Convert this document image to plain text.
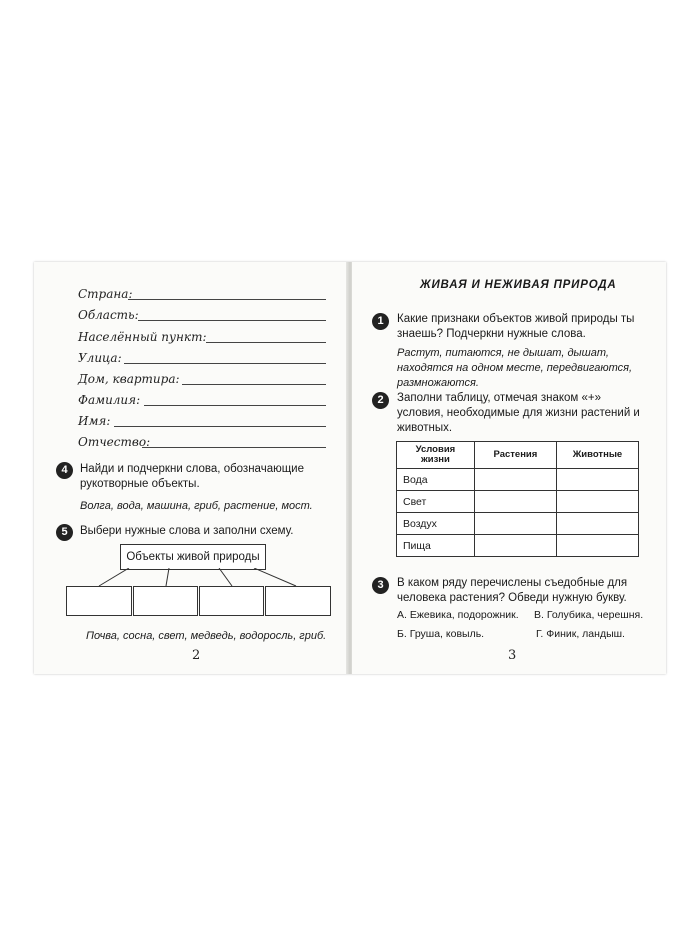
Страна:
Область:
Населённый пункт:
Улица:
Дом, квартира:
Фамилия:
Имя:
Отчество:
4	Найди и подчеркни слова, обозначающие рукотворные объекты.
Волга, вода, машина, гриб, растение, мост.
5	Выбери нужные слова и заполни схему.
Объекты живой природы
Почва, сосна, свет, медведь, водоросль, гриб.
2
ЖИВАЯ И НЕЖИВАЯ ПРИРОДА
1	Какие признаки объектов живой природы ты знаешь? Подчеркни нужные слова.
Растут, питаются, не дышат, дышат, находятся на одном месте, передвигаются, размножаются.
2	Заполни таблицу, отмечая знаком «+» условия, необходимые для жизни растений и животных.
Условия жизни	Растения	Животные
Вода		
Свет		
Воздух		
Пища		
3	В каком ряду перечислены съедобные для человека растения? Обведи нужную букву.
А. Ежевика, подорожник. В. Голубика, черешня.
Б. Груша, ковыль.	Г. Финик, ландыш.
3
